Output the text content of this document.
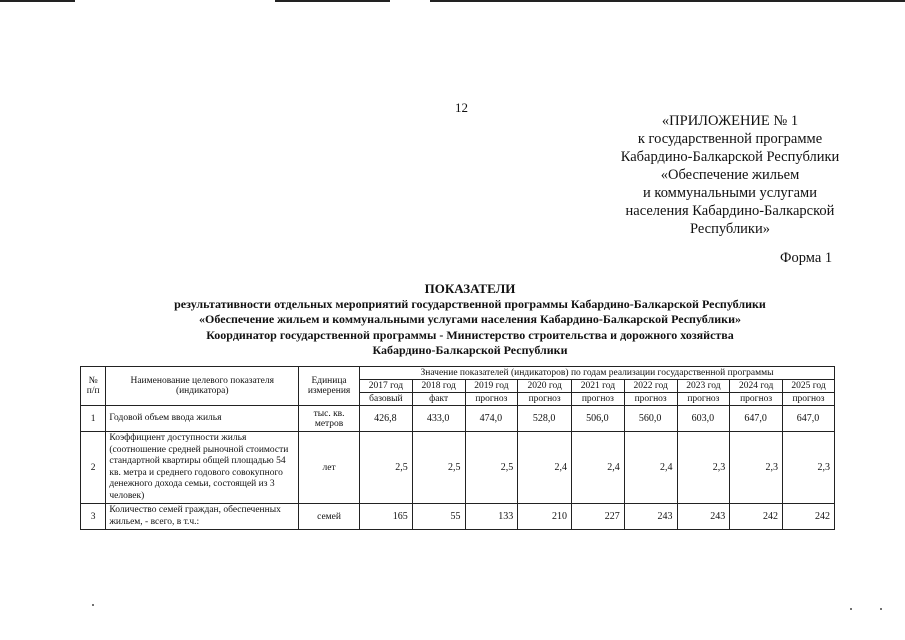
12
«ПРИЛОЖЕНИЕ № 1
к государственной программе
Кабардино-Балкарской Республики
«Обеспечение жильем
и коммунальными услугами
населения Кабардино-Балкарской
Республики»
Форма 1
ПОКАЗАТЕЛИ
результативности отдельных мероприятий государственной программы Кабардино-Балкарской Республики
«Обеспечение жильем и коммунальными услугами населения Кабардино-Балкарской Республики»
Координатор государственной программы - Министерство строительства и дорожного хозяйства
Кабардино-Балкарской Республики
№ п/п	Наименование целевого показателя (индикатора)	Единица измерения	Значение показателей (индикаторов) по годам реализации государственной программы								
			2017 год	2018 год	2019 год	2020 год	2021 год	2022 год	2023 год	2024 год	2025 год
			базовый	факт	прогноз	прогноз	прогноз	прогноз	прогноз	прогноз	прогноз
1	Годовой объем ввода жилья	тыс. кв. метров	426,8	433,0	474,0	528,0	506,0	560,0	603,0	647,0	647,0
2	Коэффициент доступности жилья (соотношение средней рыночной стоимости стандартной квартиры общей площадью 54 кв. метра и среднего годового совокупного денежного дохода семьи, состоящей из 3 человек)	лет	2,5	2,5	2,5	2,4	2,4	2,4	2,3	2,3	2,3
3	Количество семей граждан, обеспеченных жильем, - всего, в т.ч.:	семей	165	55	133	210	227	243	243	242	242
